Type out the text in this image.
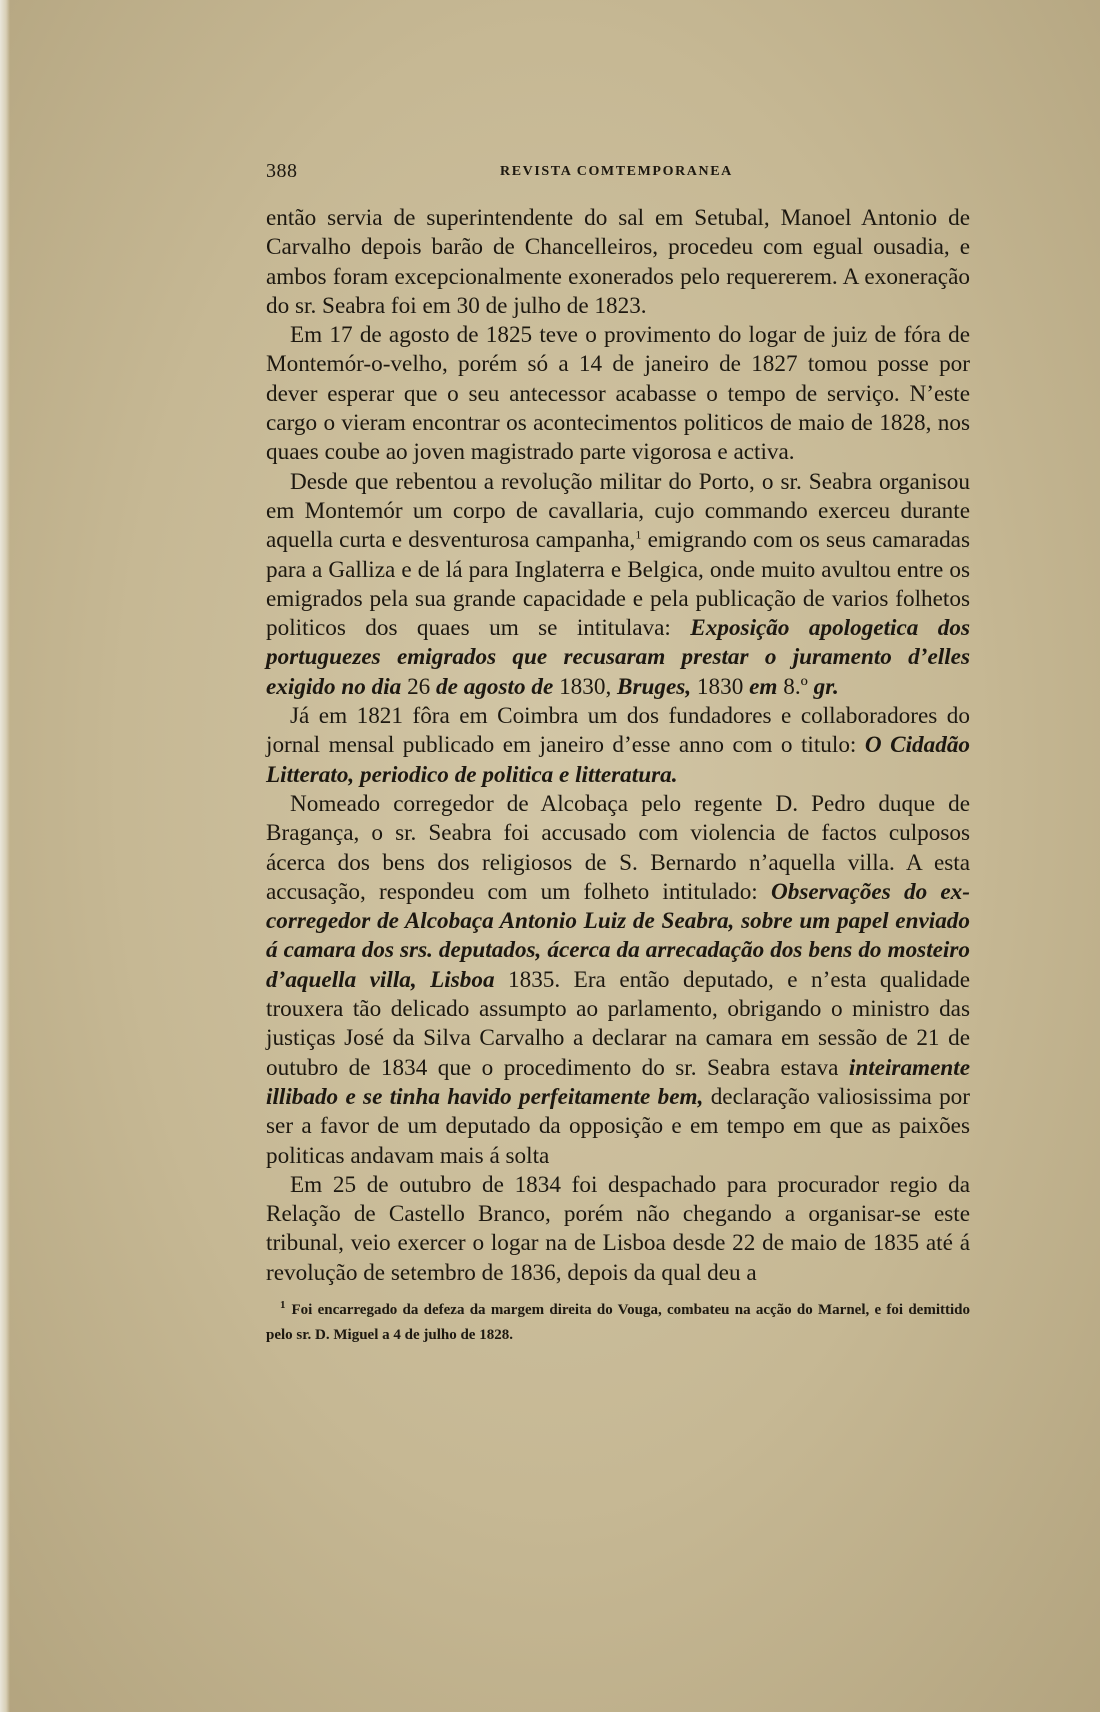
388	REVISTA COMTEMPORANEA

então servia de superintendente do sal em Setubal, Manoel Antonio de Carvalho depois barão de Chancelleiros, procedeu com egual ousadia, e ambos foram excepcionalmente exonerados pelo requererem. A exoneração do sr. Seabra foi em 30 de julho de 1823.

Em 17 de agosto de 1825 teve o provimento do logar de juiz de fóra de Montemór-o-velho, porém só a 14 de janeiro de 1827 tomou posse por dever esperar que o seu antecessor acabasse o tempo de serviço. N’este cargo o vieram encontrar os acontecimentos politicos de maio de 1828, nos quaes coube ao joven magistrado parte vigorosa e activa.

Desde que rebentou a revolução militar do Porto, o sr. Seabra organisou em Montemór um corpo de cavallaria, cujo commando exerceu durante aquella curta e desventurosa campanha,$^1$ emigrando com os seus camaradas para a Galliza e de lá para Inglaterra e Belgica, onde muito avultou entre os emigrados pela sua grande capacidade e pela publicação de varios folhetos politicos dos quaes um se intitulava: Exposição apologetica dos portuguezes emigrados que recusaram prestar o juramento d’elles exigido no dia 26 de agosto de 1830, Bruges, 1830 em 8.º gr.

Já em 1821 fôra em Coimbra um dos fundadores e collaboradores do jornal mensal publicado em janeiro d’esse anno com o titulo: O Cidadão Litterato, periodico de politica e litteratura.

Nomeado corregedor de Alcobaça pelo regente D. Pedro duque de Bragança, o sr. Seabra foi accusado com violencia de factos culposos ácerca dos bens dos religiosos de S. Bernardo n’aquella villa. A esta accusação, respondeu com um folheto intitulado: Observações do ex-corregedor de Alcobaça Antonio Luiz de Seabra, sobre um papel enviado á camara dos srs. deputados, ácerca da arrecadação dos bens do mosteiro d’aquella villa, Lisboa 1835. Era então deputado, e n’esta qualidade trouxera tão delicado assumpto ao parlamento, obrigando o ministro das justiças José da Silva Carvalho a declarar na camara em sessão de 21 de outubro de 1834 que o procedimento do sr. Seabra estava inteiramente illibado e se tinha havido perfeitamente bem, declaração valiosissima por ser a favor de um deputado da opposição e em tempo em que as paixões politicas andavam mais á solta

Em 25 de outubro de 1834 foi despachado para procurador regio da Relação de Castello Branco, porém não chegando a organisar-se este tribunal, veio exercer o logar na de Lisboa desde 22 de maio de 1835 até á revolução de setembro de 1836, depois da qual deu a

$^1$ Foi encarregado da defeza da margem direita do Vouga, combateu na acção do Marnel, e foi demittido pelo sr. D. Miguel a 4 de julho de 1828.
